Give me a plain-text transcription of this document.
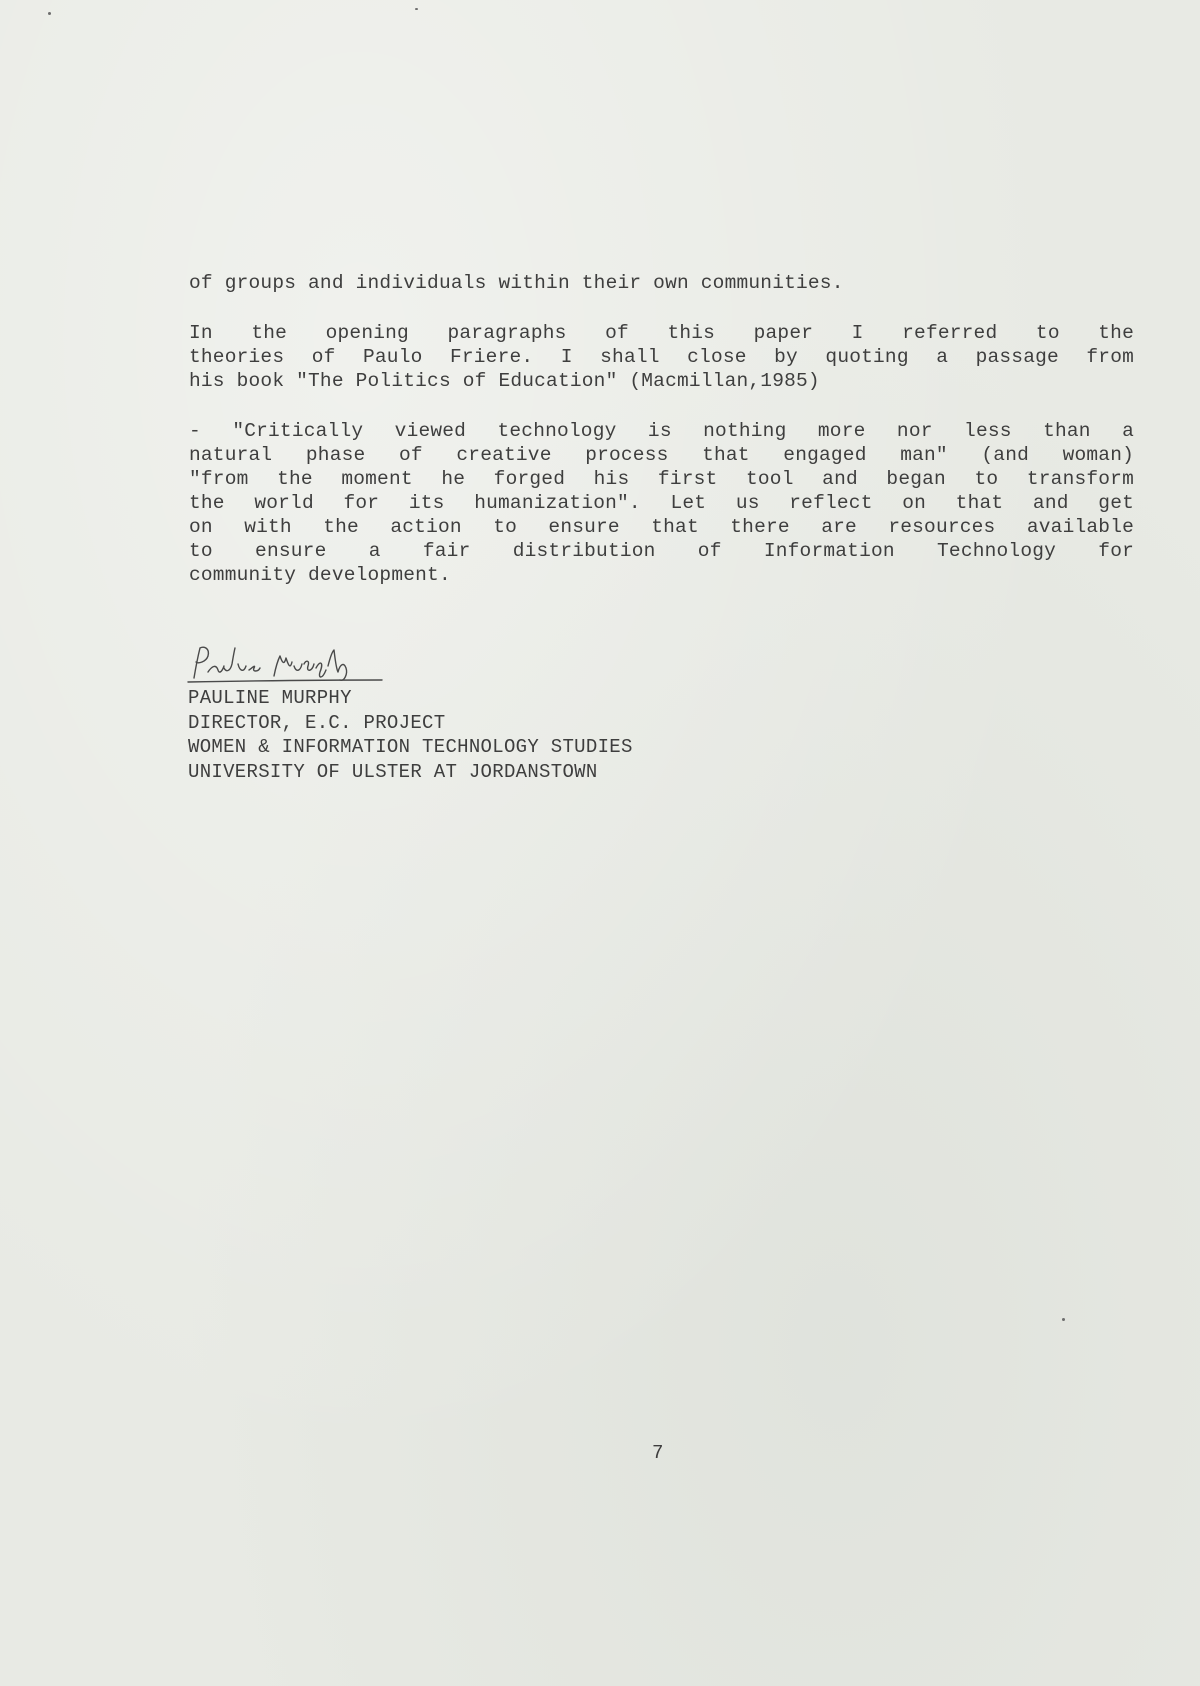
of groups and individuals within their own communities.
In the opening paragraphs of this paper I referred to the
theories of Paulo Friere. I shall close by quoting a passage from
his book "The Politics of Education" (Macmillan,1985)
- "Critically viewed technology is nothing more nor less than a
natural phase of creative process that engaged man" (and woman)
"from the moment he forged his first tool and began to transform
the world for its humanization". Let us reflect on that and get
on with the action to ensure that there are resources available
to ensure a fair distribution of Information Technology for
community development.
PAULINE MURPHY
DIRECTOR, E.C. PROJECT
WOMEN & INFORMATION TECHNOLOGY STUDIES
UNIVERSITY OF ULSTER AT JORDANSTOWN
7
